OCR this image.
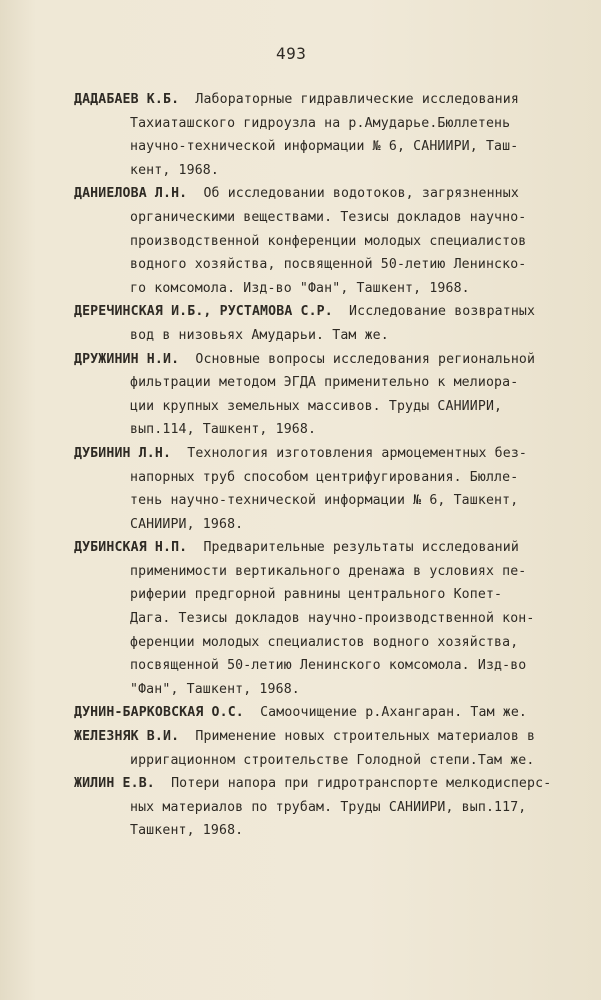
493
ДАДАБАЕВ К.Б.  Лабораторные гидравлические исследования
Тахиаташского гидроузла на р.Амударье.Бюллетень
научно-технической информации № 6, САНИИРИ, Таш-
кент, 1968.
ДАНИЕЛОВА Л.Н.  Об исследовании водотоков, загрязненных
органическими веществами. Тезисы докладов научно-
производственной конференции молодых специалистов
водного хозяйства, посвященной 50-летию Ленинско-
го комсомола. Изд-во "Фан", Ташкент, 1968.
ДЕРЕЧИНСКАЯ И.Б., РУСТАМОВА С.Р.  Исследование возвратных
вод в низовьях Амударьи. Там же.
ДРУЖИНИН Н.И.  Основные вопросы исследования региональной
фильтрации методом ЭГДА применительно к мелиора-
ции крупных земельных массивов. Труды САНИИРИ,
вып.114, Ташкент, 1968.
ДУБИНИН Л.Н.  Технология изготовления армоцементных без-
напорных труб способом центрифугирования. Бюлле-
тень научно-технической информации № 6, Ташкент,
САНИИРИ, 1968.
ДУБИНСКАЯ Н.П.  Предварительные результаты исследований
применимости вертикального дренажа в условиях пе-
риферии предгорной равнины центрального Копет-
Дага. Тезисы докладов научно-производственной кон-
ференции молодых специалистов водного хозяйства,
посвященной 50-летию Ленинского комсомола. Изд-во
"Фан", Ташкент, 1968.
ДУНИН-БАРКОВСКАЯ О.С.  Самоочищение р.Ахангаран. Там же.
ЖЕЛЕЗНЯК В.И.  Применение новых строительных материалов в
ирригационном строительстве Голодной степи.Там же.
ЖИЛИН Е.В.  Потери напора при гидротранспорте мелкодисперс-
ных материалов по трубам. Труды САНИИРИ, вып.117,
Ташкент, 1968.
